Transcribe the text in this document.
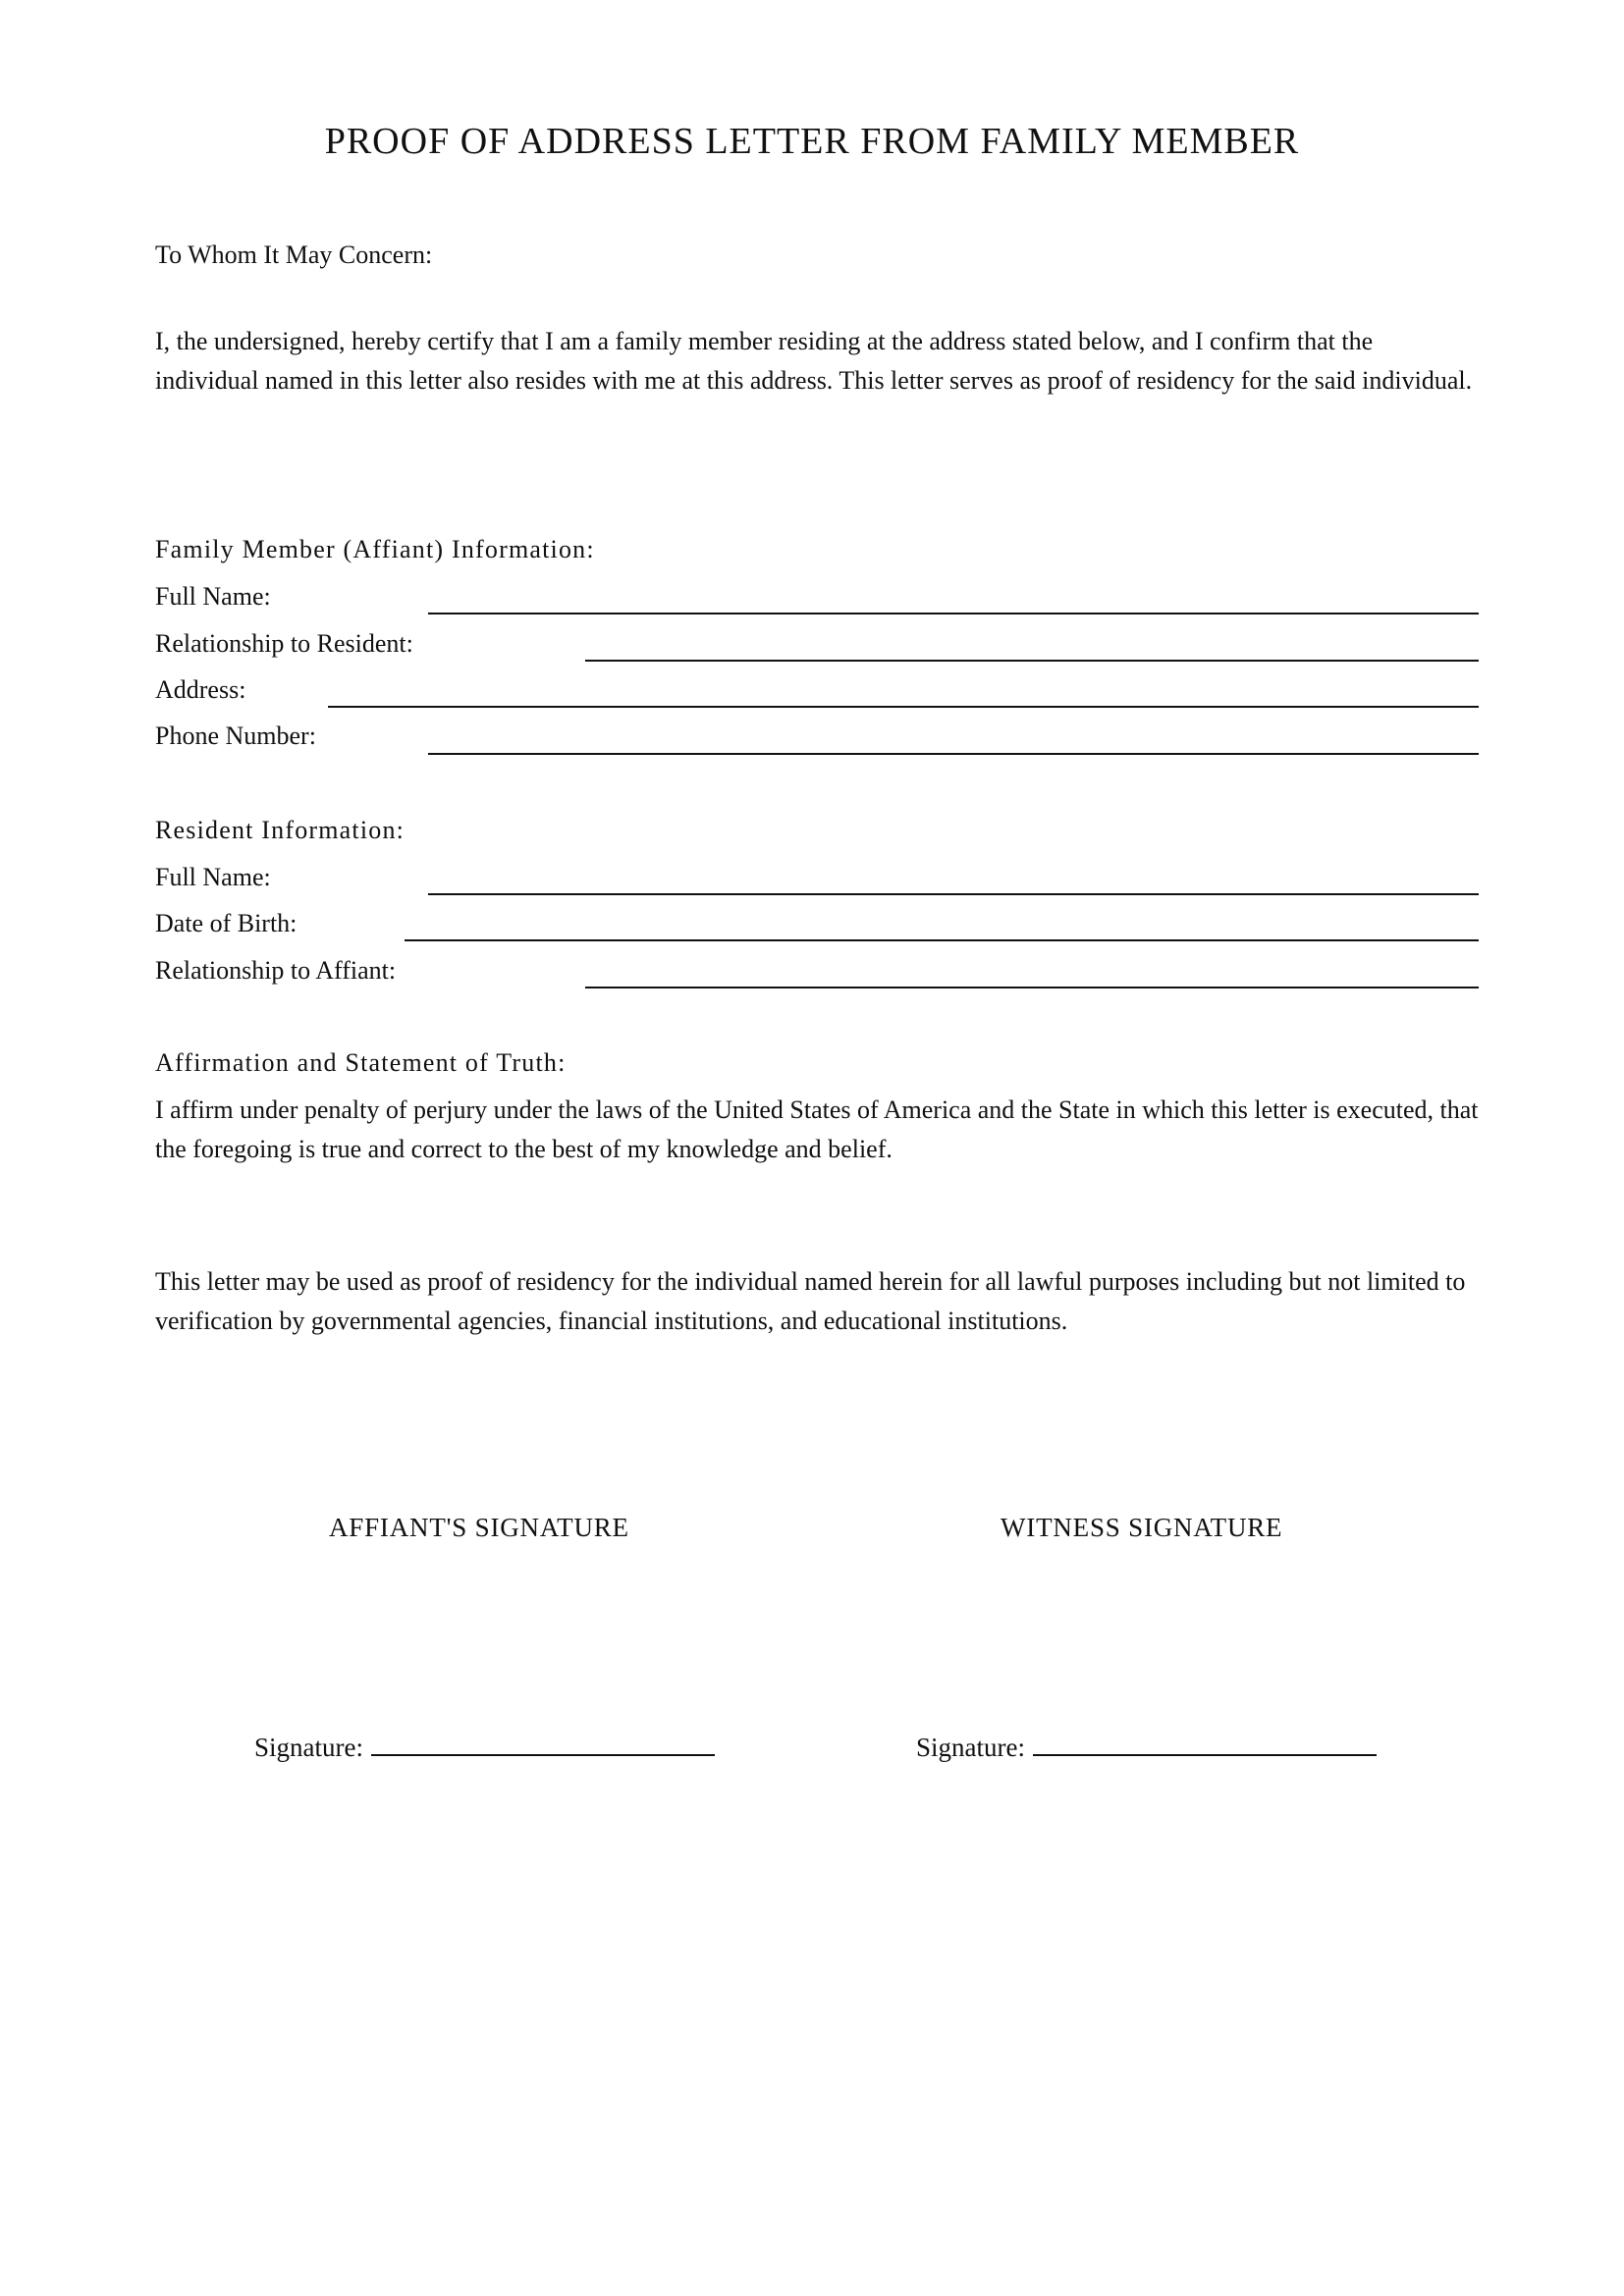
PROOF OF ADDRESS LETTER FROM FAMILY MEMBER
To Whom It May Concern:
I, the undersigned, hereby certify that I am a family member residing at the address stated below, and I confirm that the individual named in this letter also resides with me at this address. This letter serves as proof of residency for the said individual.
Family Member (Affiant) Information:
Full Name:
Relationship to Resident:
Address:
Phone Number:
Resident Information:
Full Name:
Date of Birth:
Relationship to Affiant:
Affirmation and Statement of Truth:
I affirm under penalty of perjury under the laws of the United States of America and the State in which this letter is executed, that the foregoing is true and correct to the best of my knowledge and belief.
This letter may be used as proof of residency for the individual named herein for all lawful purposes including but not limited to verification by governmental agencies, financial institutions, and educational institutions.
AFFIANT'S SIGNATURE	WITNESS SIGNATURE
Signature:	Signature:
